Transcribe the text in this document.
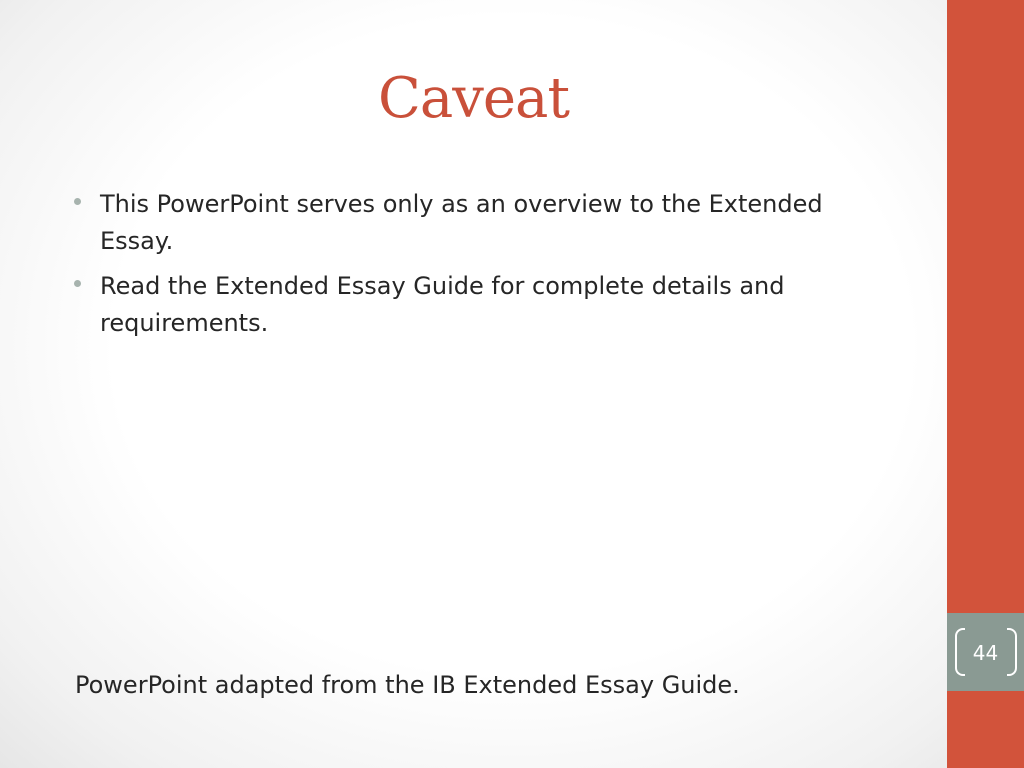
44
Caveat
This PowerPoint serves only as an overview to the Extended Essay.
Read the Extended Essay Guide for complete details and requirements.
PowerPoint adapted from the IB Extended Essay Guide.
